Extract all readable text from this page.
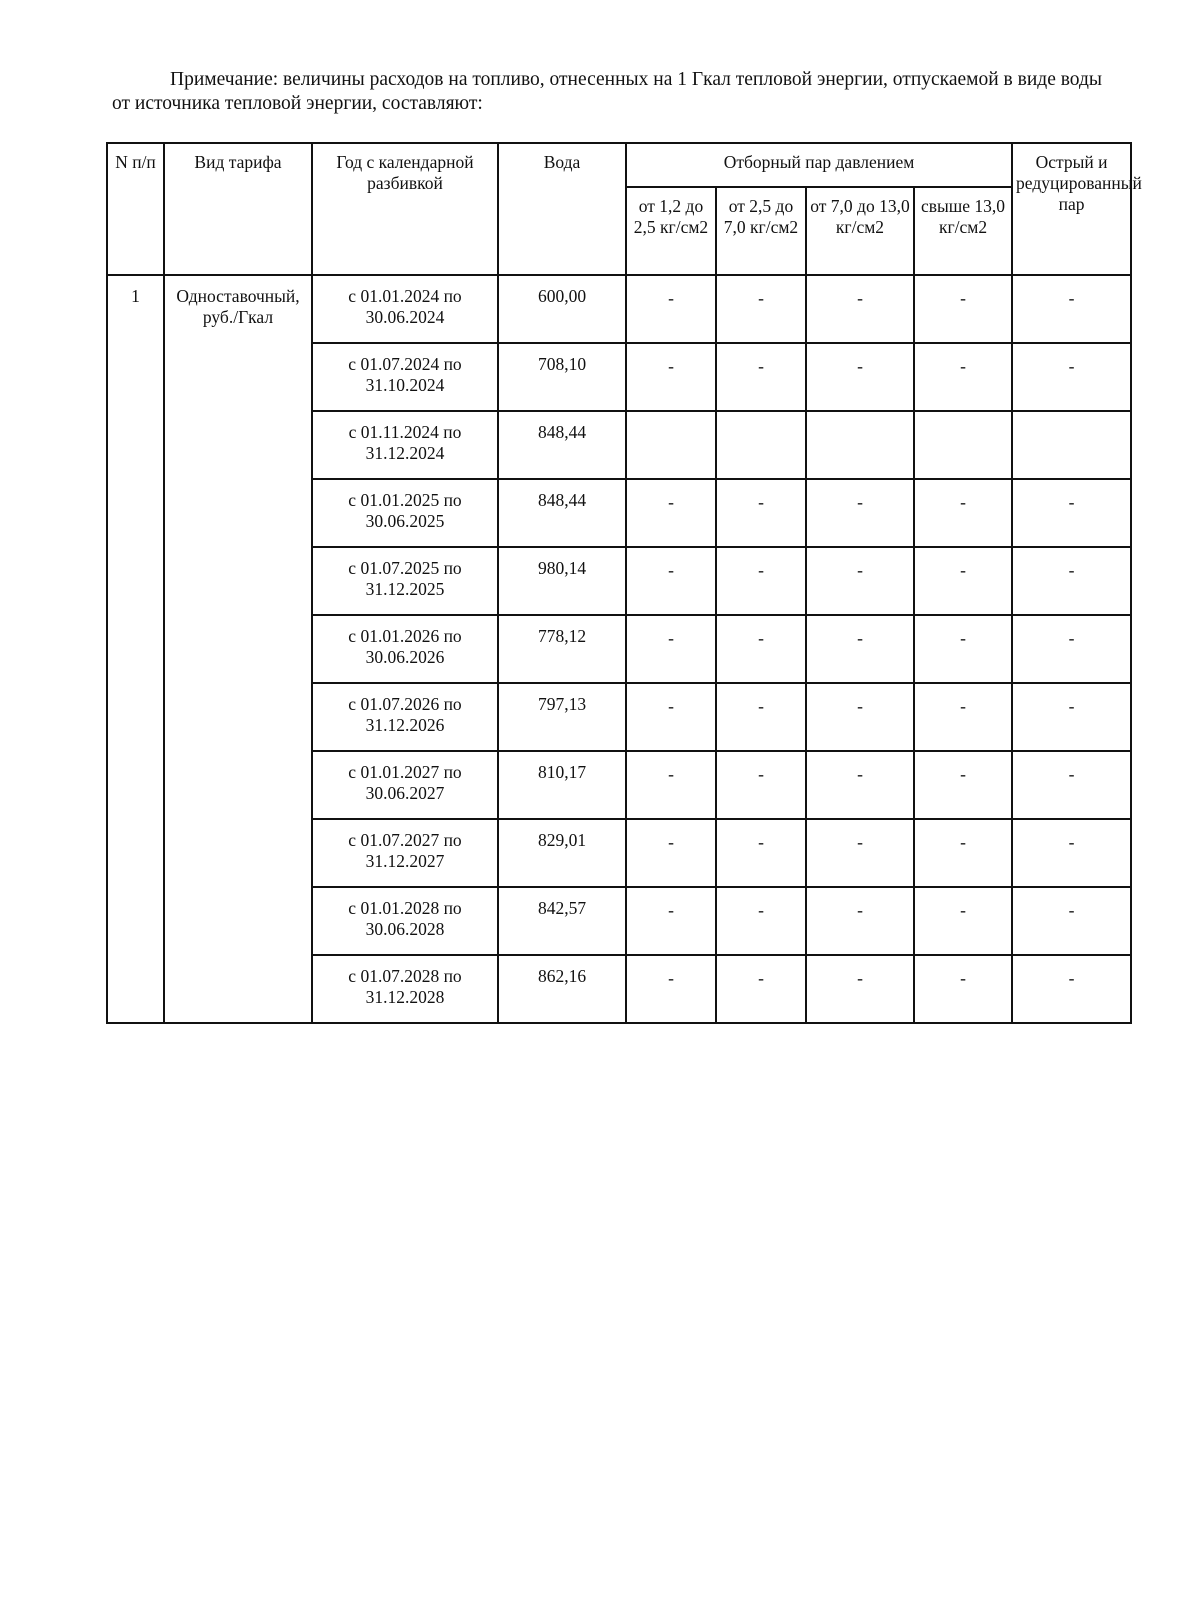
Примечание: величины расходов на топливо, отнесенных на 1 Гкал тепловой энергии, отпускаемой в виде воды от источника тепловой энергии, составляют:
N п/п	Вид тарифа	Год с календарной разбивкой	Вода	Отборный пар давлением				Острый и редуцированный пар
				от 1,2 до 2,5 кг/см2	от 2,5 до 7,0 кг/см2	от 7,0 до 13,0 кг/см2	свыше 13,0 кг/см2	
1	Одноставочный, руб./Гкал	с 01.01.2024 по 30.06.2024	600,00	-	-	-	-	-
		с 01.07.2024 по 31.10.2024	708,10	-	-	-	-	-
		с 01.11.2024 по 31.12.2024	848,44					
		с 01.01.2025 по 30.06.2025	848,44	-	-	-	-	-
		с 01.07.2025 по 31.12.2025	980,14	-	-	-	-	-
		с 01.01.2026 по 30.06.2026	778,12	-	-	-	-	-
		с 01.07.2026 по 31.12.2026	797,13	-	-	-	-	-
		с 01.01.2027 по 30.06.2027	810,17	-	-	-	-	-
		с 01.07.2027 по 31.12.2027	829,01	-	-	-	-	-
		с 01.01.2028 по 30.06.2028	842,57	-	-	-	-	-
		с 01.07.2028 по 31.12.2028	862,16	-	-	-	-	-
